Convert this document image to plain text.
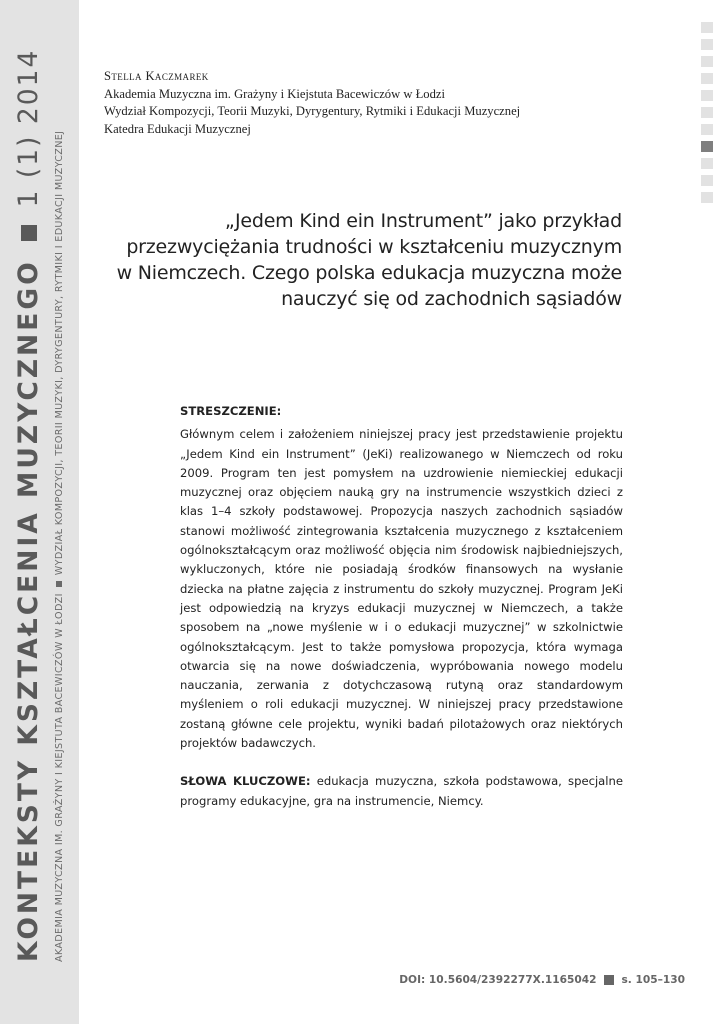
KONTEKSTY KSZTAŁCENIA MUZYCZNEGO
1 (1) 2014
AKADEMIA MUZYCZNA IM. GRAŻYNY I KIEJSTUTA BACEWICZÓW W ŁODZI
WYDZIAŁ KOMPOZYCJI, TEORII MUZYKI, DYRYGENTURY, RYTMIKI I EDUKACJI MUZYCZNEJ
Stella Kaczmarek
Akademia Muzyczna im. Grażyny i Kiejstuta Bacewiczów w Łodzi
Wydział Kompozycji, Teorii Muzyki, Dyrygentury, Rytmiki i Edukacji Muzycznej
Katedra Edukacji Muzycznej
„Jedem Kind ein Instrument” jako przykład
przezwyciężania trudności w kształceniu muzycznym
w Niemczech. Czego polska edukacja muzyczna może
nauczyć się od zachodnich sąsiadów
STRESZCZENIE:
Głównym celem i założeniem niniejszej pracy jest przedstawienie projektu „Jedem Kind ein Instrument” (JeKi) realizowanego w Niemczech od roku 2009. Program ten jest pomysłem na uzdrowienie niemieckiej edukacji muzycznej oraz objęciem nauką gry na instrumencie wszystkich dzieci z klas 1–4 szkoły podstawowej. Propozycja naszych zachodnich sąsiadów stanowi możliwość zintegrowania kształcenia muzycznego z kształceniem ogólnokształcącym oraz możliwość objęcia nim środowisk najbiedniejszych, wykluczonych, które nie posiadają środków finansowych na wysłanie dziecka na płatne zajęcia z instrumentu do szkoły muzycznej. Program JeKi jest odpowiedzią na kryzys edukacji muzycznej w Niemczech, a także sposobem na „nowe myślenie w i o edukacji muzycznej” w szkolnictwie ogólnokształcącym. Jest to także pomysłowa propozycja, która wymaga otwarcia się na nowe doświadczenia, wypróbowania nowego modelu nauczania, zerwania z dotychczasową rutyną oraz standardowym myśleniem o roli edukacji muzycznej. W niniejszej pracy przedstawione zostaną główne cele projektu, wyniki badań pilotażowych oraz niektórych projektów badawczych.
SŁOWA KLUCZOWE: edukacja muzyczna, szkoła podstawowa, specjalne programy edukacyjne, gra na instrumencie, Niemcy.
DOI: 10.5604/2392277X.1165042 s. 105–130
